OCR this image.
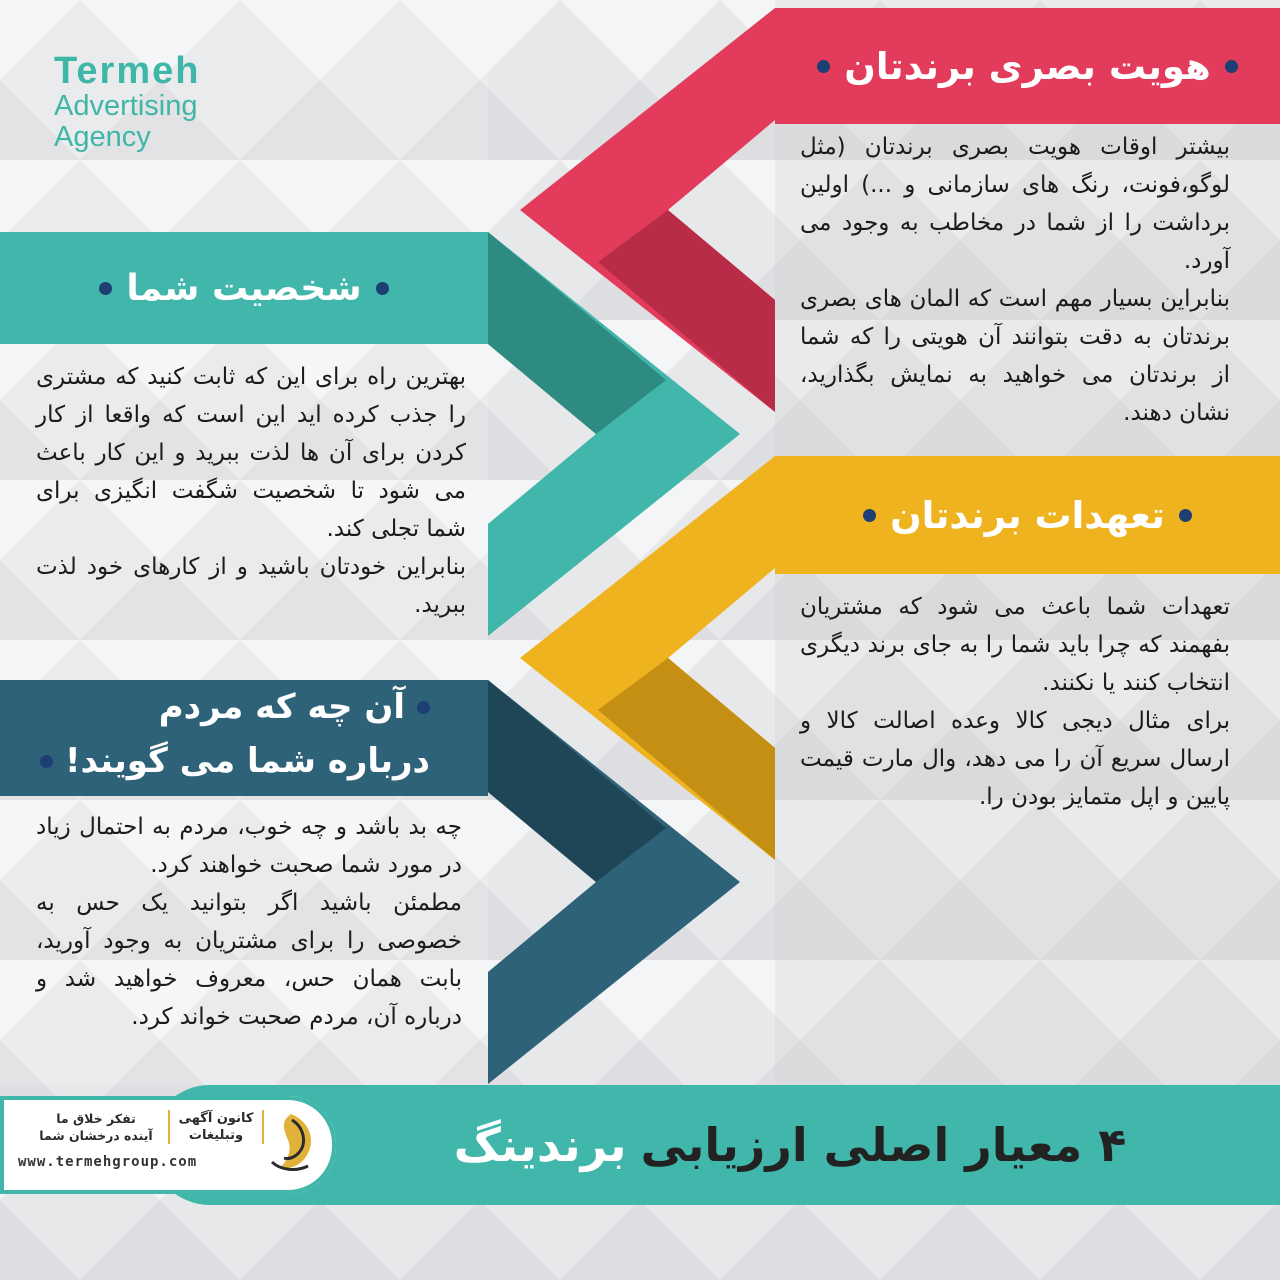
Termeh
Advertising
Agency
هویت بصری برندتان
شخصیت شما
تعهدات برندتان
آن چه که مردم
درباره شما می گویند!

بیشتر اوقات هویت بصری برندتان (مثل لوگو،فونت، رنگ های سازمانی و ...) اولین برداشت را از شما در مخاطب به وجود می آورد.

بنابراین بسیار مهم است که المان های بصری برندتان به دقت بتوانند آن هویتی را که شما از برندتان می خواهید به نمایش بگذارید، نشان دهند.

بهترین راه برای این که ثابت کنید که مشتری را جذب کرده اید این است که واقعا از کار کردن برای آن ها لذت ببرید و این کار باعث می شود تا شخصیت شگفت انگیزی برای شما تجلی کند.

بنابراین خودتان باشید و از کارهای خود لذت ببرید.	تعهدات شما باعث می شود که مشتریان بفهمند که چرا باید شما را به جای برند دیگری انتخاب کنند یا نکنند.

برای مثال دیجی کالا وعده اصالت کالا و ارسال سریع آن را می دهد، وال مارت قیمت پایین و اپل متمایز بودن را.

چه بد باشد و چه خوب، مردم به احتمال زیاد در مورد شما صحبت خواهند کرد.

مطمئن باشید اگر بتوانید یک حس به خصوصی را برای مشتریان به وجود آورید، بابت همان حس، معروف خواهید شد و درباره آن، مردم صحبت خواند کرد.

۴ معیار اصلی ارزیابی
برندینگ
کانون آگهی
وتبلیغات
تفکر خلاق ما
آینده درخشان شما
www.termehgroup.com
